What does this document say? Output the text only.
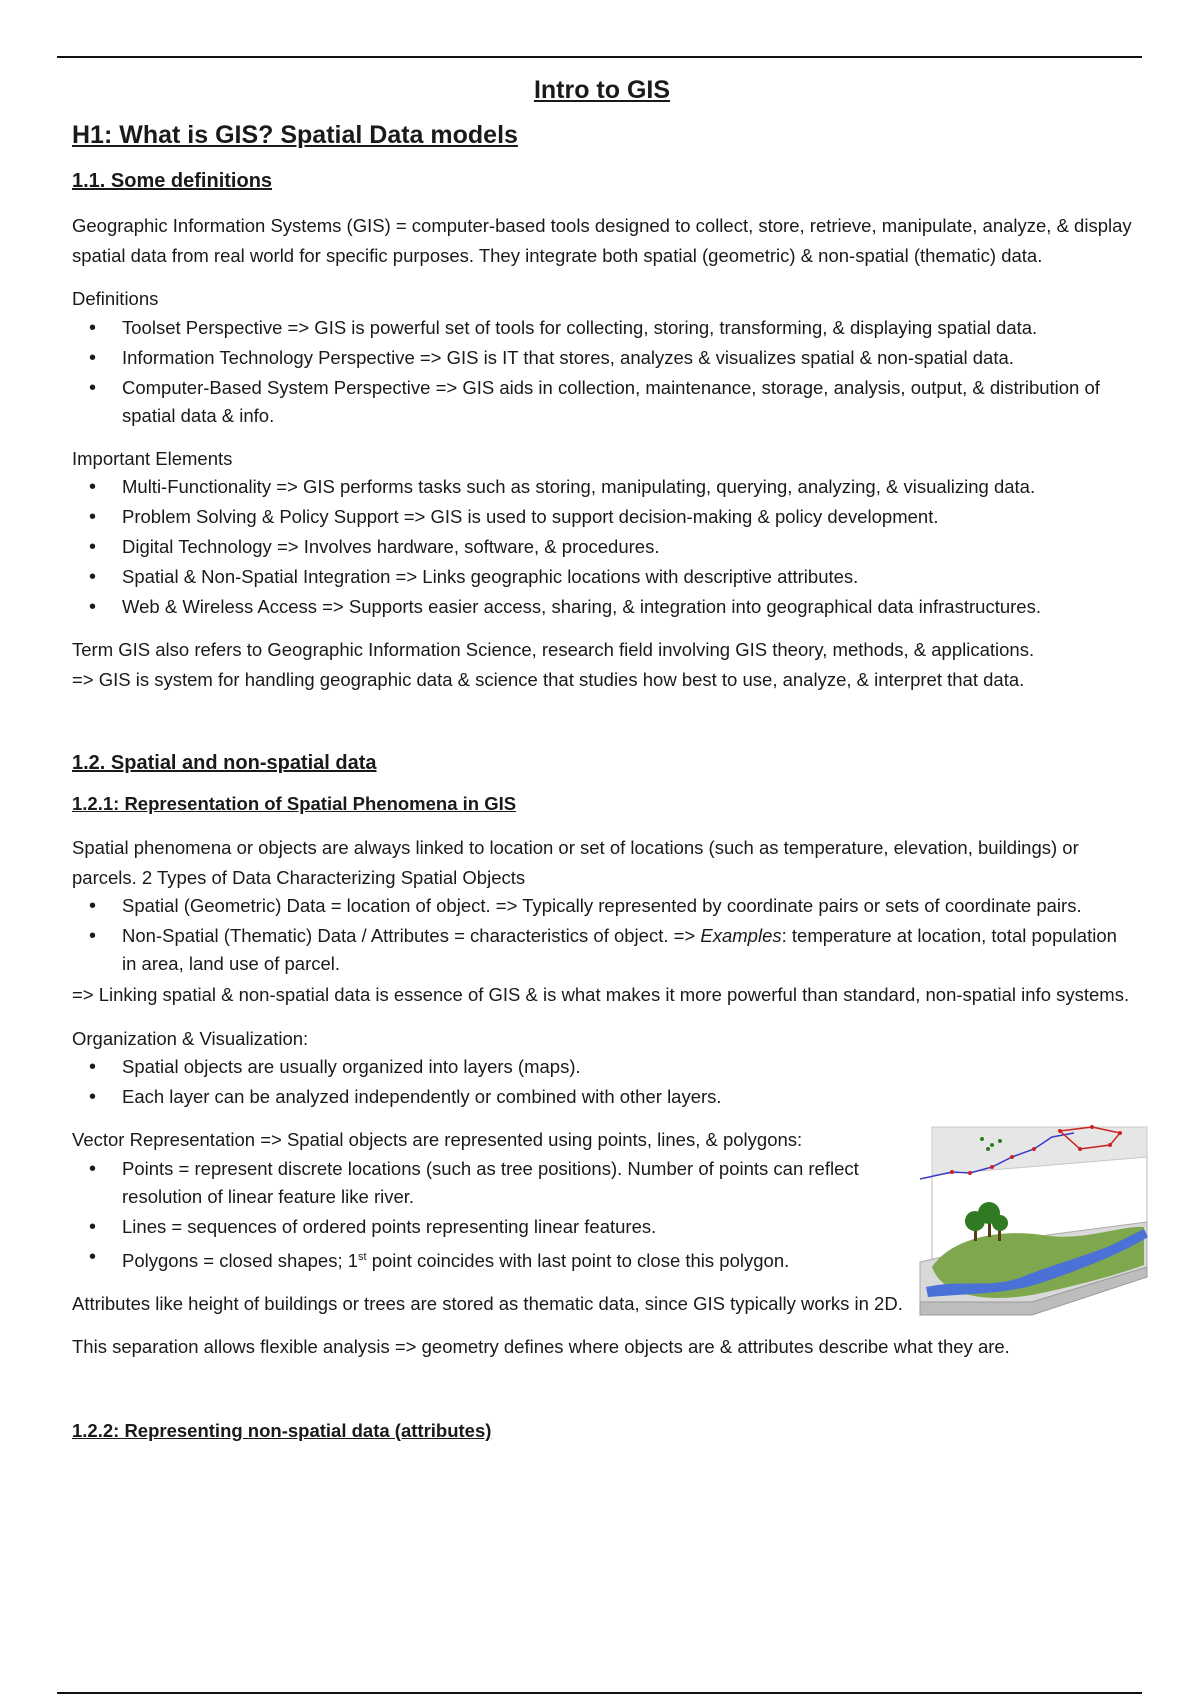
Intro to GIS
H1: What is GIS? Spatial Data models
1.1. Some definitions

Geographic Information Systems (GIS) = computer-based tools designed to collect, store, retrieve, manipulate, analyze, & display spatial data from real world for specific purposes. They integrate both spatial (geometric) & non-spatial (thematic) data.

Definitions

• Toolset Perspective => GIS is powerful set of tools for collecting, storing, transforming, & displaying spatial data.
• Information Technology Perspective => GIS is IT that stores, analyzes & visualizes spatial & non-spatial data.
• Computer-Based System Perspective => GIS aids in collection, maintenance, storage, analysis, output, & distribution of spatial data & info.

Important Elements

• Multi-Functionality => GIS performs tasks such as storing, manipulating, querying, analyzing, & visualizing data.
• Problem Solving & Policy Support => GIS is used to support decision-making & policy development.
• Digital Technology => Involves hardware, software, & procedures.
• Spatial & Non-Spatial Integration => Links geographic locations with descriptive attributes.
• Web & Wireless Access => Supports easier access, sharing, & integration into geographical data infrastructures.

Term GIS also refers to Geographic Information Science, research field involving GIS theory, methods, & applications.

=> GIS is system for handling geographic data & science that studies how best to use, analyze, & interpret that data.

1.2. Spatial and non-spatial data
1.2.1: Representation of Spatial Phenomena in GIS

Spatial phenomena or objects are always linked to location or set of locations (such as temperature, elevation, buildings) or parcels. 2 Types of Data Characterizing Spatial Objects

• Spatial (Geometric) Data = location of object. => Typically represented by coordinate pairs or sets of coordinate pairs.
• Non-Spatial (Thematic) Data / Attributes = characteristics of object. => Examples: temperature at location, total population in area, land use of parcel.

=> Linking spatial & non-spatial data is essence of GIS & is what makes it more powerful than standard, non-spatial info systems.

Organization & Visualization:

• Spatial objects are usually organized into layers (maps).
• Each layer can be analyzed independently or combined with other layers.

Vector Representation => Spatial objects are represented using points, lines, & polygons:

• Points = represent discrete locations (such as tree positions). Number of points can reflect resolution of linear feature like river.
• Lines = sequences of ordered points representing linear features.
• Polygons = closed shapes; 1st point coincides with last point to close this polygon.

Attributes like height of buildings or trees are stored as thematic data, since GIS typically works in 2D.

This separation allows flexible analysis => geometry defines where objects are & attributes describe what they are.

1.2.2: Representing non-spatial data (attributes)
